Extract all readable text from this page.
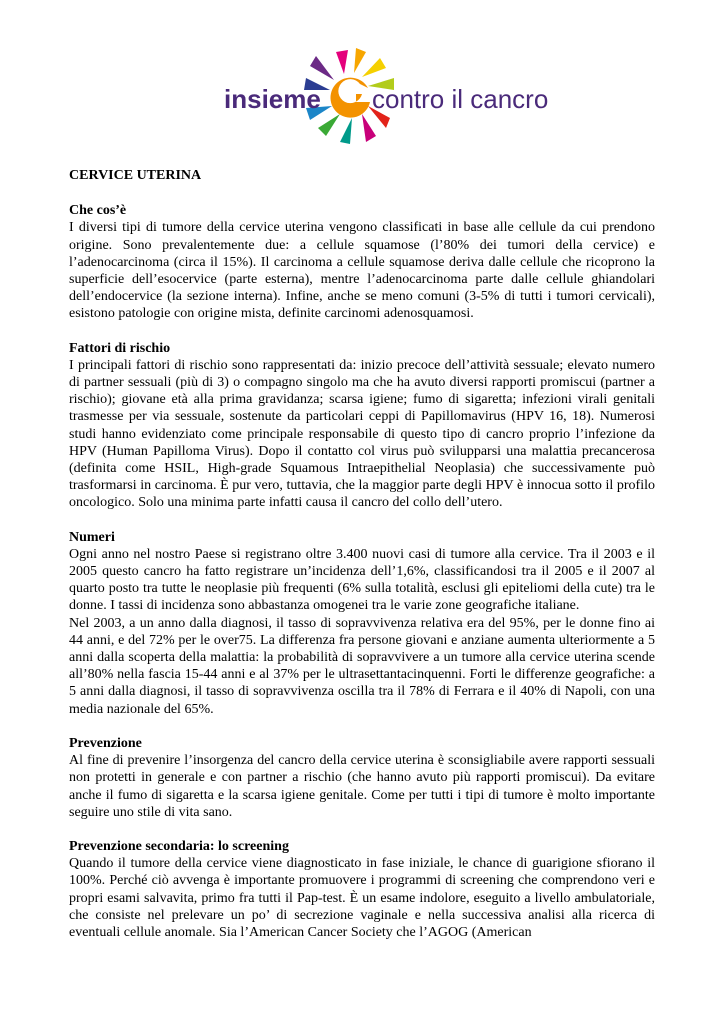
insieme contro il cancro
CERVICE UTERINA
Che cos’è

I diversi tipi di tumore della cervice uterina vengono classificati in base alle cellule da cui prendono origine. Sono prevalentemente due: a cellule squamose (l’80% dei tumori della cervice) e l’adenocarcinoma (circa il 15%). Il carcinoma a cellule squamose deriva dalle cellule che ricoprono la superficie dell’esocervice (parte esterna), mentre l’adenocarcinoma parte dalle cellule ghiandolari dell’endocervice (la sezione interna). Infine, anche se meno comuni (3-5% di tutti i tumori cervicali), esistono patologie con origine mista, definite carcinomi adenosquamosi.

Fattori di rischio

I principali fattori di rischio sono rappresentati da: inizio precoce dell’attività sessuale; elevato numero di partner sessuali (più di 3) o compagno singolo ma che ha avuto diversi rapporti promiscui (partner a rischio); giovane età alla prima gravidanza; scarsa igiene; fumo di sigaretta; infezioni virali genitali trasmesse per via sessuale, sostenute da particolari ceppi di Papillomavirus (HPV 16, 18). Numerosi studi hanno evidenziato come principale responsabile di questo tipo di cancro proprio l’infezione da HPV (Human Papilloma Virus). Dopo il contatto col virus può svilupparsi una malattia precancerosa (definita come HSIL, High-grade Squamous Intraepithelial Neoplasia) che successivamente può trasformarsi in carcinoma. È pur vero, tuttavia, che la maggior parte degli HPV è innocua sotto il profilo oncologico. Solo una minima parte infatti causa il cancro del collo dell’utero.

Numeri

Ogni anno nel nostro Paese si registrano oltre 3.400 nuovi casi di tumore alla cervice. Tra il 2003 e il 2005 questo cancro ha fatto registrare un’incidenza dell’1,6%, classificandosi tra il 2005 e il 2007 al quarto posto tra tutte le neoplasie più frequenti (6% sulla totalità, esclusi gli epiteliomi della cute) tra le donne. I tassi di incidenza sono abbastanza omogenei tra le varie zone geografiche italiane.

Nel 2003, a un anno dalla diagnosi, il tasso di sopravvivenza relativa era del 95%, per le donne fino ai 44 anni, e del 72% per le over75. La differenza fra persone giovani e anziane aumenta ulteriormente a 5 anni dalla scoperta della malattia: la probabilità di sopravvivere a un tumore alla cervice uterina scende all’80% nella fascia 15-44 anni e al 37% per le ultrasettantacinquenni. Forti le differenze geografiche: a 5 anni dalla diagnosi, il tasso di sopravvivenza oscilla tra il 78% di Ferrara e il 40% di Napoli, con una media nazionale del 65%.

Prevenzione

Al fine di prevenire l’insorgenza del cancro della cervice uterina è sconsigliabile avere rapporti sessuali non protetti in generale e con partner a rischio (che hanno avuto più rapporti promiscui). Da evitare anche il fumo di sigaretta e la scarsa igiene genitale. Come per tutti i tipi di tumore è molto importante seguire uno stile di vita sano.

Prevenzione secondaria: lo screening

Quando il tumore della cervice viene diagnosticato in fase iniziale, le chance di guarigione sfiorano il 100%. Perché ciò avvenga è importante promuovere i programmi di screening che comprendono veri e propri esami salvavita, primo fra tutti il Pap-test. È un esame indolore, eseguito a livello ambulatoriale, che consiste nel prelevare un po’ di secrezione vaginale e nella successiva analisi alla ricerca di eventuali cellule anomale. Sia l’American Cancer Society che l’AGOG (American
